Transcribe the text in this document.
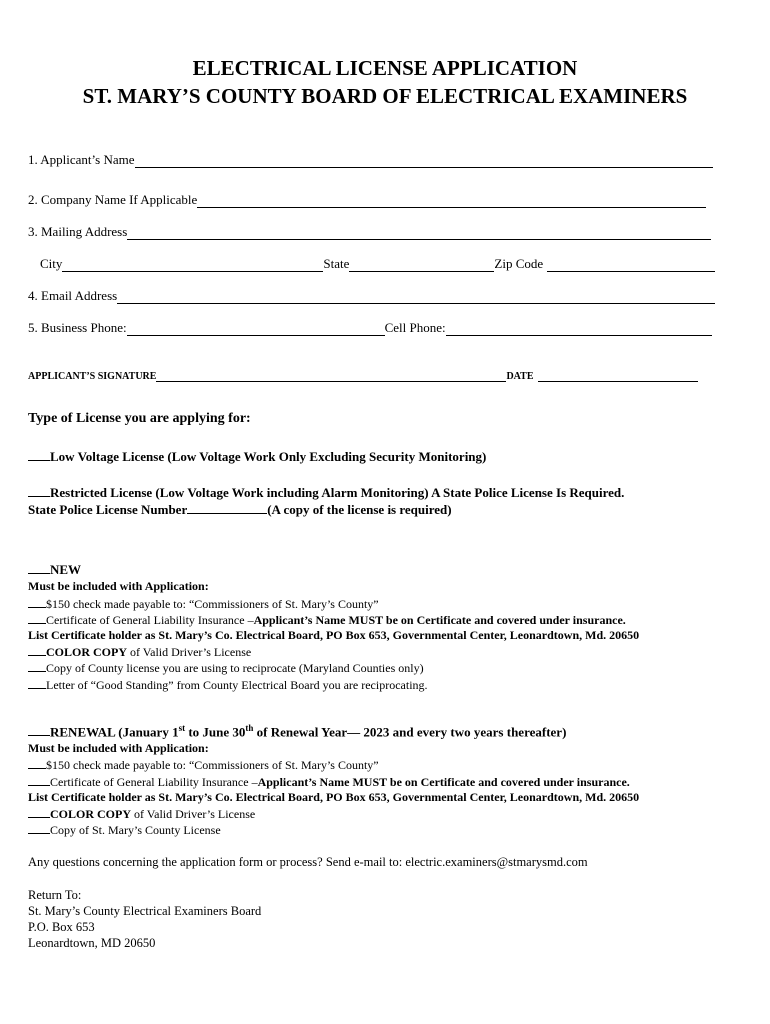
ELECTRICAL LICENSE APPLICATION
ST. MARY’S COUNTY BOARD OF ELECTRICAL EXAMINERS
1. Applicant’s Name
2. Company Name If Applicable
3. Mailing Address
City	State	Zip Code
4. Email Address
5. Business Phone:	Cell Phone:
APPLICANT’S SIGNATURE	DATE
Type of License you are applying for:
Low Voltage License (Low Voltage Work Only Excluding Security Monitoring)
Restricted License (Low Voltage Work including Alarm Monitoring) A State Police License Is Required.
State Police License Number	(A copy of the license is required)
NEW
Must be included with Application:
$150 check made payable to: “Commissioners of St. Mary’s County”
Certificate of General Liability Insurance –Applicant’s Name MUST be on Certificate and covered under insurance.
List Certificate holder as St. Mary’s Co. Electrical Board, PO Box 653, Governmental Center, Leonardtown, Md. 20650
COLOR COPY of Valid Driver’s License
Copy of County license you are using to reciprocate (Maryland Counties only)
Letter of “Good Standing” from County Electrical Board you are reciprocating.
RENEWAL (January 1st to June 30th of Renewal Year— 2023 and every two years thereafter)
Must be included with Application:
$150 check made payable to: “Commissioners of St. Mary’s County”
Certificate of General Liability Insurance –Applicant’s Name MUST be on Certificate and covered under insurance.
List Certificate holder as St. Mary’s Co. Electrical Board, PO Box 653, Governmental Center, Leonardtown, Md. 20650
COLOR COPY of Valid Driver’s License
Copy of St. Mary’s County License
Any questions concerning the application form or process? Send e-mail to: electric.examiners@stmarysmd.com
Return To:
St. Mary’s County Electrical Examiners Board
P.O. Box 653
Leonardtown, MD 20650
